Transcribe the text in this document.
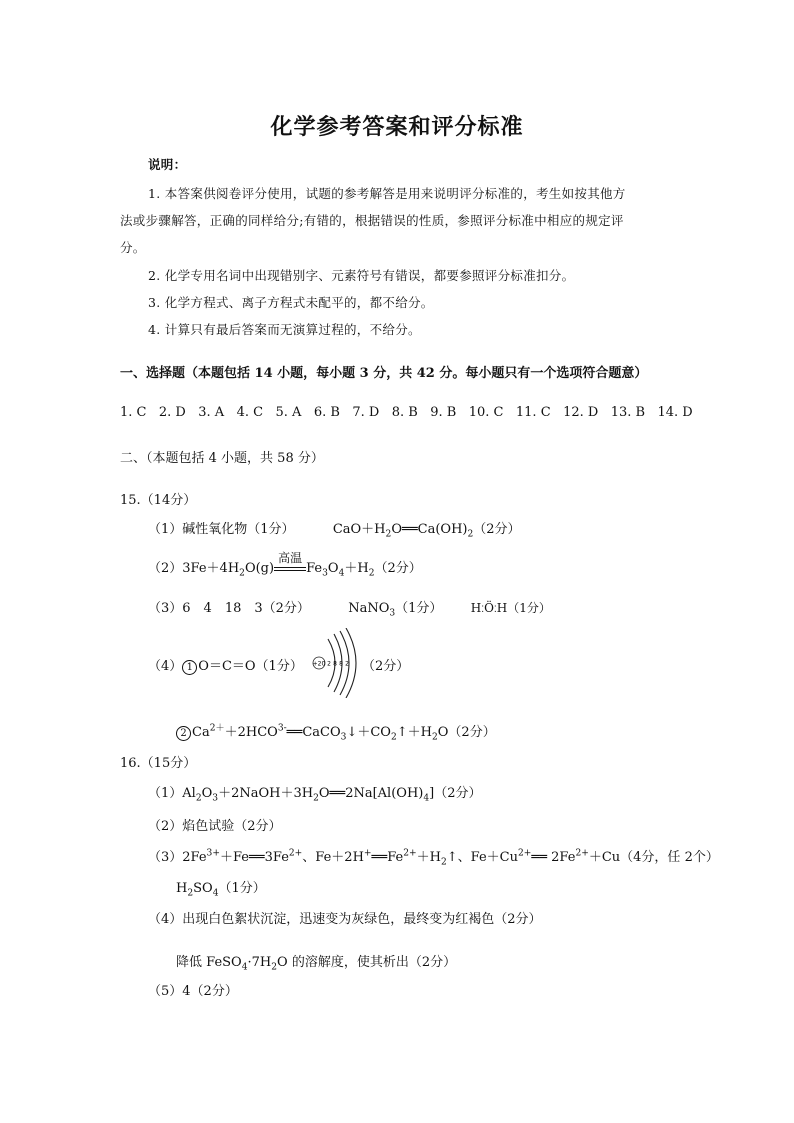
化学参考答案和评分标准
说明：
1. 本答案供阅卷评分使用，试题的参考解答是用来说明评分标准的，考生如按其他方
法或步骤解答，正确的同样给分;有错的，根据错误的性质，参照评分标准中相应的规定评
分。
2. 化学专用名词中出现错别字、元素符号有错误，都要参照评分标准扣分。
3. 化学方程式、离子方程式未配平的，都不给分。
4. 计算只有最后答案而无演算过程的，不给分。
一、选择题（本题包括 14 小题，每小题 3 分，共 42 分。每小题只有一个选项符合题意）
1. C 2. D 3. A 4. C 5. A 6. B 7. D 8. B 9. B 10. C 11. C 12. D 13. B 14. D
二、（本题包括 4 小题，共 58 分）
15.（14分）
（1）碱性氧化物（1分）	$CaO+H_2O══Ca(OH)_2(2$分）
$(2)3Fe+4H_2O(g)$
高温
$Fe_3O_4+H_2(2$分）
（3）6　4　18　3（2分）	NaNO$_3$（1分） H⁚Ö⁚H（1分）
（4） 1 O＝C＝O（1分） +20 2 8 8 2 （2分）
2 $Ca^{2+}+2HCO^{3-}══CaCO_3↓+CO_2↑+H_2O(2$分）
16.（15分）
$(1)Al_2O_3+2NaOH+3H_2O══2Na[Al(OH)_4](2$分）
（2）焰色试验（2分）
$(3)2Fe^{3+}+Fe══3Fe^{2+}$、$Fe+2H^+══Fe^{2+}+H_2↑$、$Fe+Cu^{2+}══$ $2Fe^{2+}+Cu(4$分，任 2个）
$H_2SO_4(1$分）
（4）出现白色絮状沉淀，迅速变为灰绿色，最终变为红褐色（2分）
降低 $FeSO_4\cdot 7H_2O$ 的溶解度，使其析出（2分）
（5）4（2分）
